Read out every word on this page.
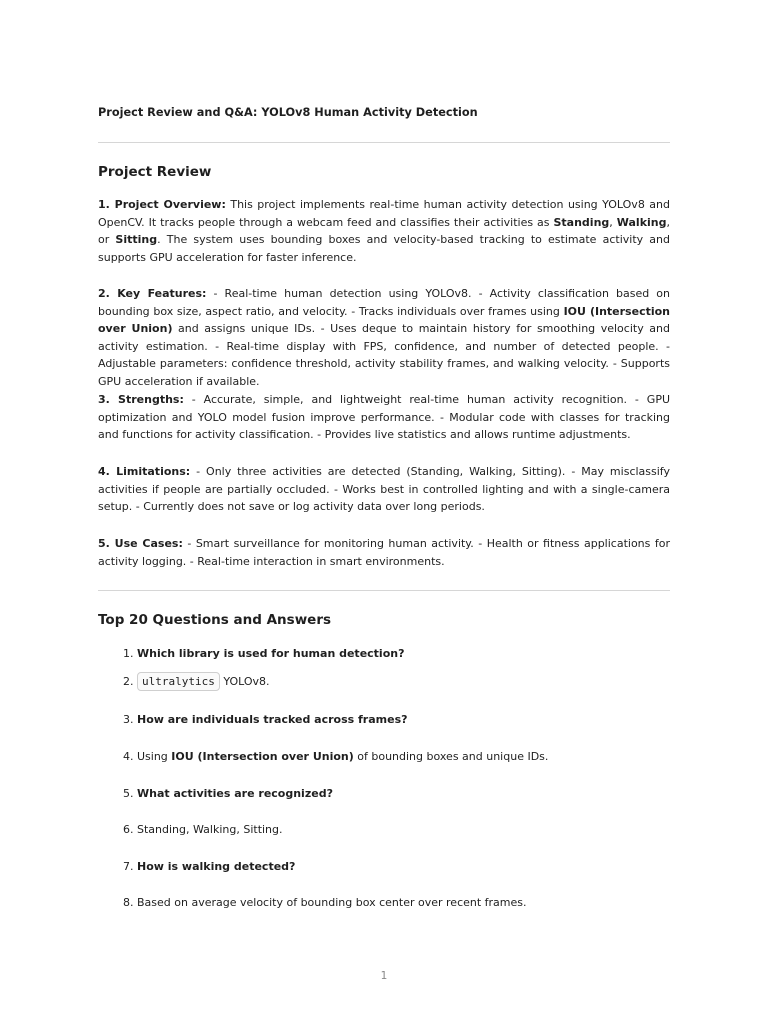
Project Review and Q&A: YOLOv8 Human Activity Detection

Project Review

1. Project Overview: This project implements real-time human activity detection using YOLOv8 and OpenCV. It tracks people through a webcam feed and classifies their activities as Standing, Walking, or Sitting. The system uses bounding boxes and velocity-based tracking to estimate activity and supports GPU acceleration for faster inference.

2. Key Features: - Real-time human detection using YOLOv8. - Activity classification based on bounding box size, aspect ratio, and velocity. - Tracks individuals over frames using IOU (Intersection over Union) and assigns unique IDs. - Uses deque to maintain history for smoothing velocity and activity estimation. - Real-time display with FPS, confidence, and number of detected people. - Adjustable parameters: confidence threshold, activity stability frames, and walking velocity. - Supports GPU acceleration if available.

3. Strengths: - Accurate, simple, and lightweight real-time human activity recognition. - GPU optimization and YOLO model fusion improve performance. - Modular code with classes for tracking and functions for activity classification. - Provides live statistics and allows runtime adjustments.

4. Limitations: - Only three activities are detected (Standing, Walking, Sitting). - May misclassify activities if people are partially occluded. - Works best in controlled lighting and with a single-camera setup. - Currently does not save or log activity data over long periods.

5. Use Cases: - Smart surveillance for monitoring human activity. - Health or fitness applications for activity logging. - Real-time interaction in smart environments.

Top 20 Questions and Answers

1. Which library is used for human detection?

2. ultralytics YOLOv8.

3. How are individuals tracked across frames?

4. Using IOU (Intersection over Union) of bounding boxes and unique IDs.

5. What activities are recognized?

6. Standing, Walking, Sitting.

7. How is walking detected?

8. Based on average velocity of bounding box center over recent frames.

1
